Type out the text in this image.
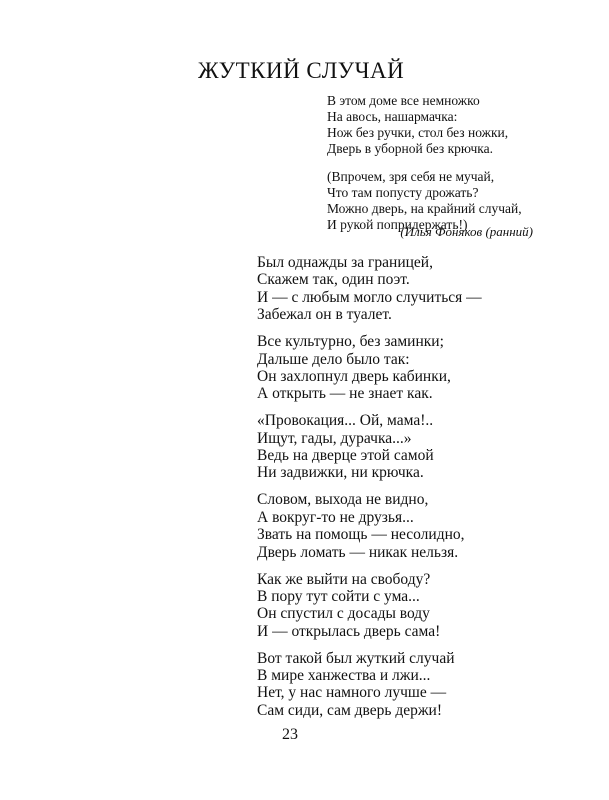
ЖУТКИЙ СЛУЧАЙ
В этом доме все немножко
На авось, нашармачка:
Нож без ручки, стол без ножки,
Дверь в уборной без крючка.
(Впрочем, зря себя не мучай,
Что там попусту дрожать?
Можно дверь, на крайний случай,
И рукой попридержать!)
(Илья Фоняков (ранний)
Был однажды за границей,
Скажем так, один поэт.
И — с любым могло случиться —
Забежал он в туалет.
Все культурно, без заминки;
Дальше дело было так:
Он захлопнул дверь кабинки,
А открыть — не знает как.
«Провокация... Ой, мама!..
Ищут, гады, дурачка...»
Ведь на дверце этой самой
Ни задвижки, ни крючка.
Словом, выхода не видно,
А вокруг-то не друзья...
Звать на помощь — несолидно,
Дверь ломать — никак нельзя.
Как же выйти на свободу?
В пору тут сойти с ума...
Он спустил с досады воду
И — открылась дверь сама!
Вот такой был жуткий случай
В мире ханжества и лжи...
Нет, у нас намного лучше —
Сам сиди, сам дверь держи!
23
